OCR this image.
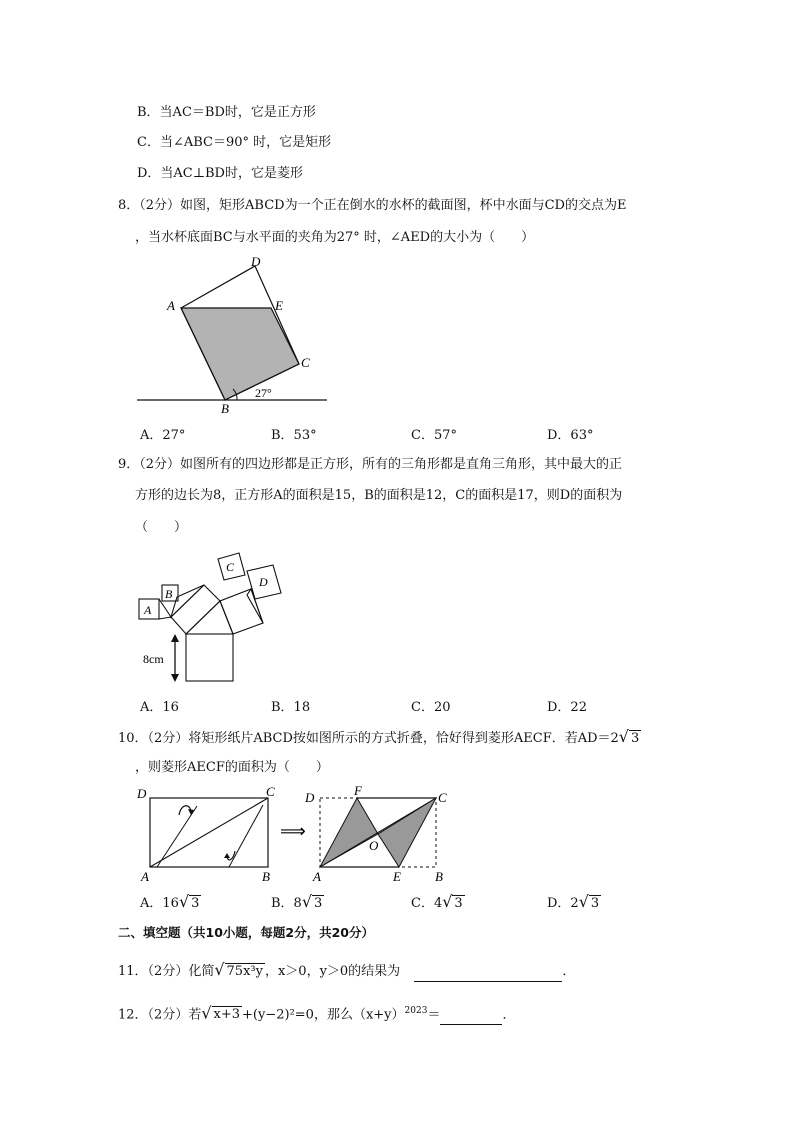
B．当AC＝BD时，它是正方形
C．当∠ABC＝90° 时，它是矩形
D．当AC⊥BD时，它是菱形
8．（2分）如图，矩形ABCD为一个正在倒水的水杯的截面图，杯中水面与CD的交点为E
，当水杯底面BC与水平面的夹角为27° 时，∠AED的大小为（　　）
D
A	E
C
B
27°
A．27°	B．53°	C．57°	D．63°
9．（2分）如图所有的四边形都是正方形，所有的三角形都是直角三角形，其中最大的正
方形的边长为8，正方形A的面积是15，B的面积是12，C的面积是17，则D的面积为
（　　）
A
B
C
D
8cm
A．16	B．18	C．20	D．22
10．（2分）将矩形纸片ABCD按如图所示的方式折叠，恰好得到菱形AECF．若AD＝2√ 3
，则菱形AECF的面积为（　　）
D	C
A	B
⟹
D	F	C
O
A	E	B
A．16√ 3	B．8√ 3	C．4√ 3	D．2√ 3
二、填空题（共10小题，每题2分，共20分）
11．（2分）化简√ 75x³y ，x＞0，y＞0的结果为	．
12．（2分）若√ x+3 +(y−2)²=0，那么$(x+y)^{2023}=$	．
